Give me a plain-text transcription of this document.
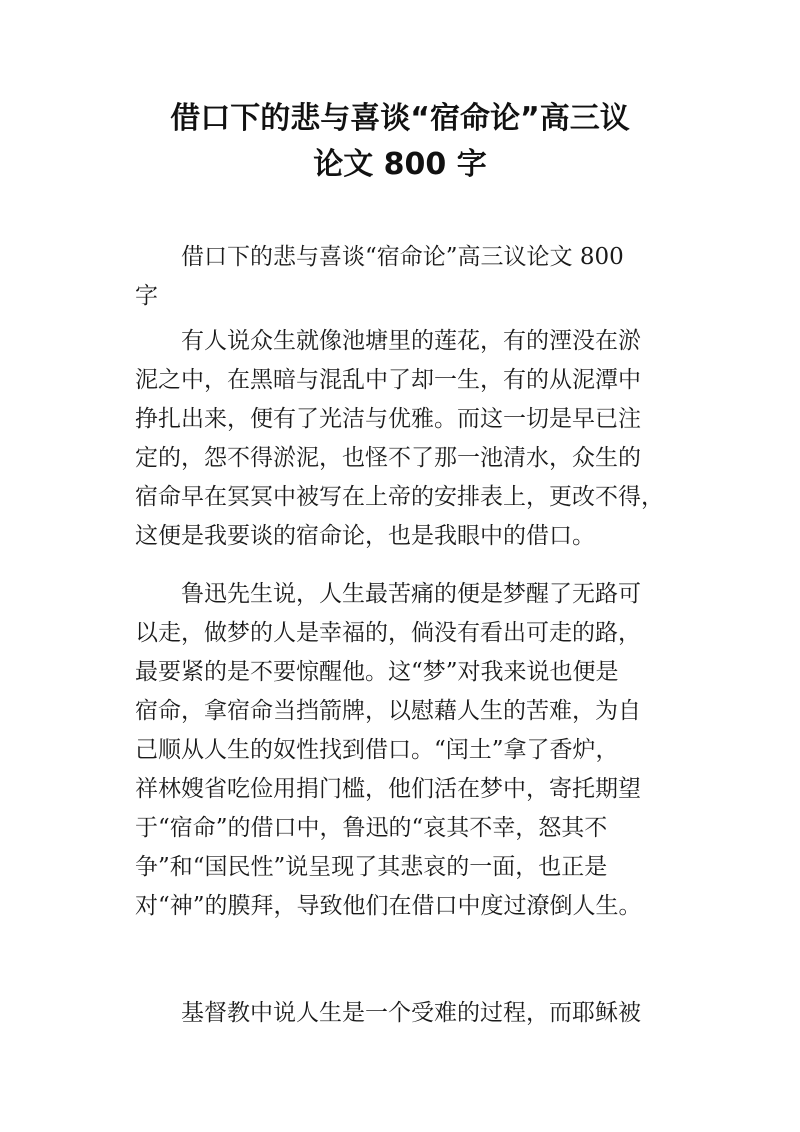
借口下的悲与喜谈“宿命论”高三议
论文 800 字
借口下的悲与喜谈“宿命论”高三议论文 800
字
有人说众生就像池塘里的莲花，有的湮没在淤
泥之中，在黑暗与混乱中了却一生，有的从泥潭中
挣扎出来，便有了光洁与优雅。而这一切是早已注
定的，怨不得淤泥，也怪不了那一池清水，众生的
宿命早在冥冥中被写在上帝的安排表上，更改不得，
这便是我要谈的宿命论，也是我眼中的借口。
鲁迅先生说，人生最苦痛的便是梦醒了无路可
以走，做梦的人是幸福的，倘没有看出可走的路，
最要紧的是不要惊醒他。这“梦”对我来说也便是
宿命，拿宿命当挡箭牌，以慰藉人生的苦难，为自
己顺从人生的奴性找到借口。“闰土”拿了香炉，
祥林嫂省吃俭用捐门槛，他们活在梦中，寄托期望
于“宿命”的借口中，鲁迅的“哀其不幸，怒其不
争”和“国民性”说呈现了其悲哀的一面，也正是
对“神”的膜拜，导致他们在借口中度过潦倒人生。
基督教中说人生是一个受难的过程，而耶稣被
